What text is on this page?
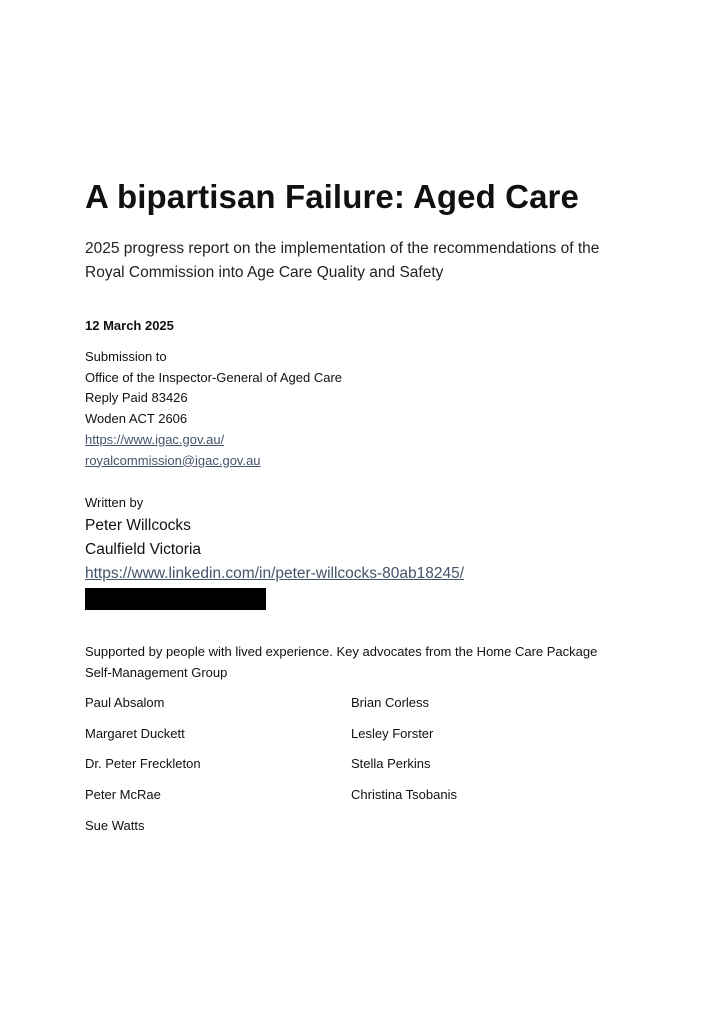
A bipartisan Failure: Aged Care

2025 progress report on the implementation of the recommendations of the
Royal Commission into Age Care Quality and Safety

12 March 2025
Submission to
Office of the Inspector-General of Aged Care
Reply Paid 83426
Woden ACT 2606
https://www.igac.gov.au/
royalcommission@igac.gov.au
Written by
Peter Willcocks
Caulfield Victoria
https://www.linkedin.com/in/peter-willcocks-80ab18245/
Supported by people with lived experience. Key advocates from the Home Care Package
Self-Management Group
Paul Absalom
Margaret Duckett
Dr. Peter Freckleton
Peter McRae
Sue Watts
Brian Corless
Lesley Forster
Stella Perkins
Christina Tsobanis
